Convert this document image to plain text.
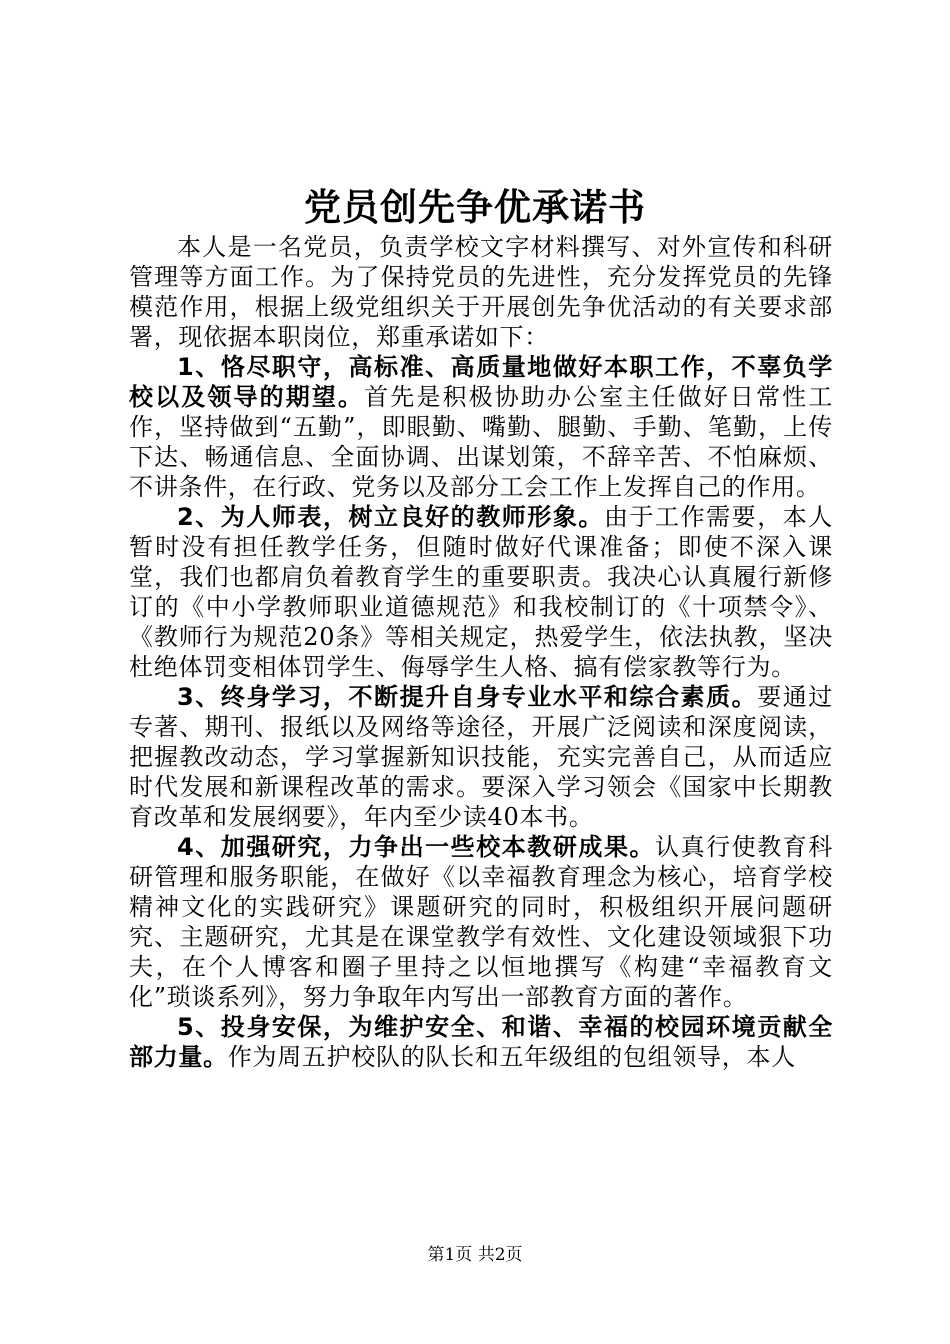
党员创先争优承诺书

本人是一名党员，负责学校文字材料撰写、对外宣传和科研管理等方面工作。为了保持党员的先进性，充分发挥党员的先锋模范作用，根据上级党组织关于开展创先争优活动的有关要求部署，现依据本职岗位，郑重承诺如下：

1、恪尽职守，高标准、高质量地做好本职工作，不辜负学校以及领导的期望。首先是积极协助办公室主任做好日常性工作，坚持做到“五勤”，即眼勤、嘴勤、腿勤、手勤、笔勤，上传下达、畅通信息、全面协调、出谋划策，不辞辛苦、不怕麻烦、不讲条件，在行政、党务以及部分工会工作上发挥自己的作用。

2、为人师表，树立良好的教师形象。由于工作需要，本人暂时没有担任教学任务，但随时做好代课准备；即使不深入课堂，我们也都肩负着教育学生的重要职责。我决心认真履行新修订的《中小学教师职业道德规范》和我校制订的《十项禁令》、《教师行为规范20条》等相关规定，热爱学生，依法执教，坚决杜绝体罚变相体罚学生、侮辱学生人格、搞有偿家教等行为。

3、终身学习，不断提升自身专业水平和综合素质。要通过专著、期刊、报纸以及网络等途径，开展广泛阅读和深度阅读，把握教改动态，学习掌握新知识技能，充实完善自己，从而适应时代发展和新课程改革的需求。要深入学习领会《国家中长期教育改革和发展纲要》，年内至少读40本书。

4、加强研究，力争出一些校本教研成果。认真行使教育科研管理和服务职能，在做好《以幸福教育理念为核心，培育学校精神文化的实践研究》课题研究的同时，积极组织开展问题研究、主题研究，尤其是在课堂教学有效性、文化建设领域狠下功夫，在个人博客和圈子里持之以恒地撰写《构建“幸福教育文化”琐谈系列》，努力争取年内写出一部教育方面的著作。

5、投身安保，为维护安全、和谐、幸福的校园环境贡献全部力量。作为周五护校队的队长和五年级组的包组领导，本人

第1页 共2页
